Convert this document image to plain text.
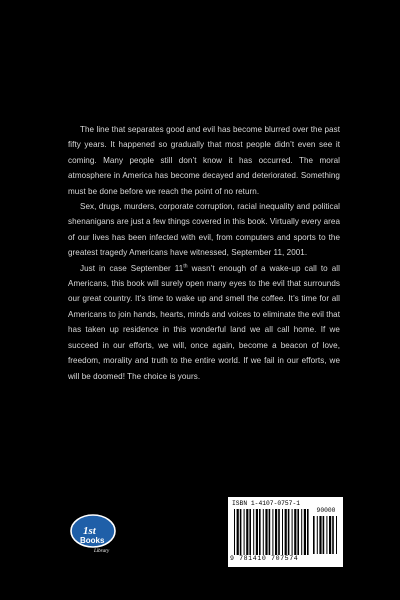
The line that separates good and evil has become blurred over the past fifty years. It happened so gradually that most people didn’t even see it coming. Many people still don’t know it has occurred. The moral atmosphere in America has become decayed and deteriorated. Something must be done before we reach the point of no return.

Sex, drugs, murders, corporate corruption, racial inequality and political shenanigans are just a few things covered in this book. Virtually every area of our lives has been infected with evil, from computers and sports to the greatest tragedy Americans have witnessed, September 11, 2001.

Just in case September 11th wasn’t enough of a wake-up call to all Americans, this book will surely open many eyes to the evil that surrounds our great country. It’s time to wake up and smell the coffee. It’s time for all Americans to join hands, hearts, minds and voices to eliminate the evil that has taken up residence in this wonderful land we all call home. If we succeed in our efforts, we will, once again, become a beacon of love, freedom, morality and truth to the entire world. If we fail in our efforts, we will be doomed! The choice is yours.

1st
Books
Library
ISBN 1-4107-0757-1
90000
9 781410 707574
